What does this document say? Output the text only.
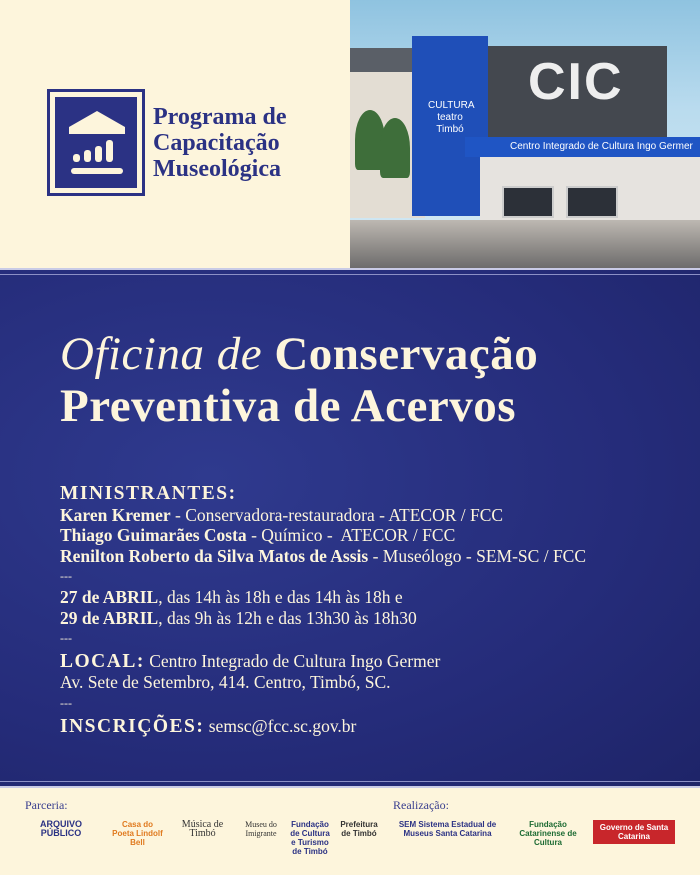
Programa de
Capacitação
Museológica
CIC
CULTURA
teatro
Timbó
Centro Integrado de Cultura Ingo Germer
Oficina de Conservação
Preventiva de Acervos
MINISTRANTES:
Karen Kremer - Conservadora-restauradora - ATECOR / FCC
Thiago Guimarães Costa - Químico -  ATECOR / FCC
Renilton Roberto da Silva Matos de Assis - Museólogo - SEM-SC / FCC
---
27 de ABRIL, das 14h às 18h e das 14h às 18h e
29 de ABRIL, das 9h às 12h e das 13h30 às 18h30
---
LOCAL: Centro Integrado de Cultura Ingo Germer
Av. Sete de Setembro, 414. Centro, Timbó, SC.
---
INSCRIÇÕES: semsc@fcc.sc.gov.br
Parceria:	Realização:
ARQUIVO PÚBLICO
Casa do Poeta Lindolf Bell
Música de Timbó
Museu do Imigrante
Fundação de Cultura e Turismo de Timbó
Prefeitura de Timbó
SEM Sistema Estadual de Museus Santa Catarina
Fundação Catarinense de Cultura
Governo de Santa Catarina
